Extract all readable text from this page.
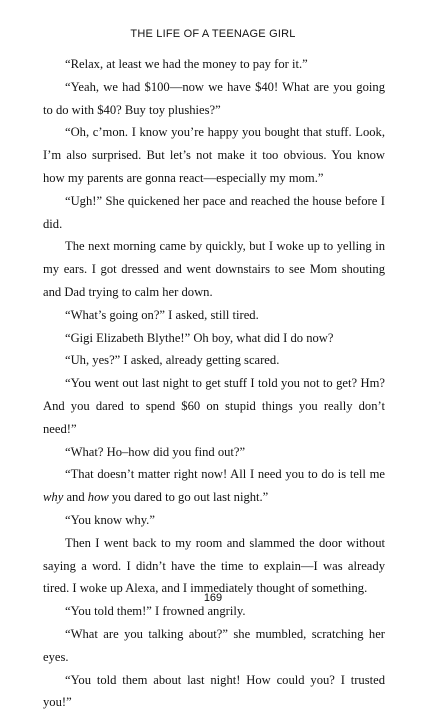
THE LIFE OF A TEENAGE GIRL

“Relax, at least we had the money to pay for it.”

“Yeah, we had $100—now we have $40! What are you going to do with $40? Buy toy plushies?”

“Oh, c’mon. I know you’re happy you bought that stuff. Look, I’m also surprised. But let’s not make it too obvious. You know how my parents are gonna react—especially my mom.”

“Ugh!” She quickened her pace and reached the house before I did.

The next morning came by quickly, but I woke up to yelling in my ears. I got dressed and went downstairs to see Mom shouting and Dad trying to calm her down.

“What’s going on?” I asked, still tired.

“Gigi Elizabeth Blythe!” Oh boy, what did I do now?

“Uh, yes?” I asked, already getting scared.

“You went out last night to get stuff I told you not to get? Hm? And you dared to spend $60 on stupid things you really don’t need!”

“What? Ho–how did you find out?”

“That doesn’t matter right now! All I need you to do is tell me why and how you dared to go out last night.”

“You know why.”

Then I went back to my room and slammed the door without saying a word. I didn’t have the time to explain—I was already tired. I woke up Alexa, and I immediately thought of something.

“You told them!” I frowned angrily.

“What are you talking about?” she mumbled, scratching her eyes.

“You told them about last night! How could you? I trusted you!”

169
